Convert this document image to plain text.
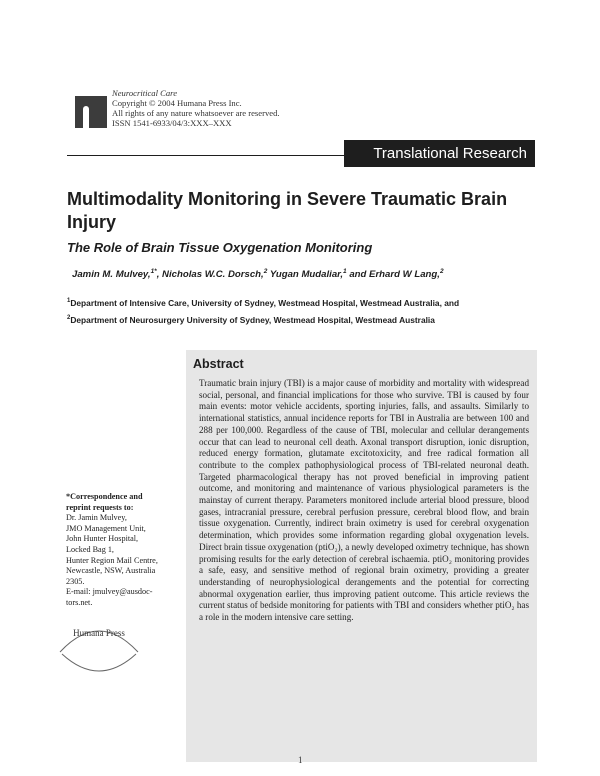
Neurocritical Care
Copyright © 2004 Humana Press Inc.
All rights of any nature whatsoever are reserved.
ISSN 1541-6933/04/3:XXX–XXX
Translational Research
Multimodality Monitoring in Severe Traumatic Brain Injury
The Role of Brain Tissue Oxygenation Monitoring
Jamin M. Mulvey,$^{1*}$, Nicholas W.C. Dorsch,$^2$ Yugan Mudaliar,$^1$ and Erhard W Lang,$^2$
$^1$Department of Intensive Care, University of Sydney, Westmead Hospital, Westmead Australia, and
$^2$Department of Neurosurgery University of Sydney, Westmead Hospital, Westmead Australia
Abstract
Traumatic brain injury (TBI) is a major cause of morbidity and mortality with widespread social, personal, and financial implications for those who survive. TBI is caused by four main events: motor vehicle accidents, sporting injuries, falls, and assaults. Similarly to international statistics, annual incidence reports for TBI in Australia are between 100 and 288 per 100,000. Regardless of the cause of TBI, molecular and cellular derangements occur that can lead to neuronal cell death. Axonal transport disruption, ionic disruption, reduced energy formation, glutamate excitotoxicity, and free radical formation all contribute to the complex pathophysiological process of TBI-related neuronal death. Targeted pharmacological therapy has not proved beneficial in improving patient outcome, and monitoring and maintenance of various physiological parameters is the mainstay of current therapy. Parameters monitored include arterial blood pressure, blood gases, intracranial pressure, cerebral perfusion pressure, cerebral blood flow, and brain tissue oxygenation. Currently, indirect brain oximetry is used for cerebral oxygenation determination, which provides some information regarding global oxygenation levels. Direct brain tissue oxygenation (ptiO₂), a newly developed oximetry technique, has shown promising results for the early detection of cerebral ischaemia. ptiO₂ monitoring provides a safe, easy, and sensitive method of regional brain oximetry, providing a greater understanding of neurophysiological derangements and the potential for correcting abnormal oxygenation earlier, thus improving patient outcome. This article reviews the current status of bedside monitoring for patients with TBI and considers whether ptiO₂ has a role in the modern intensive care setting.
*Correspondence and
reprint requests to:
Dr. Jamin Mulvey,
JMO Management Unit,
John Hunter Hospital,
Locked Bag 1,
Hunter Region Mail Centre,
Newcastle, NSW, Australia
2305.
E-mail: jmulvey@ausdoc-
tors.net.
Humana Press
1
